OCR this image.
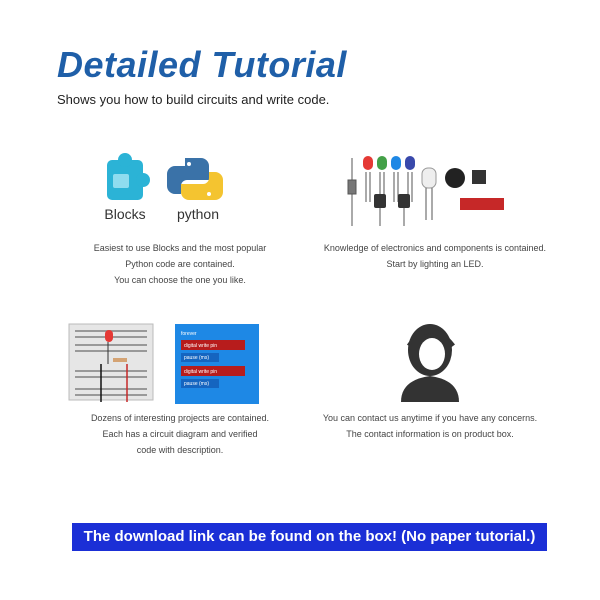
Detailed Tutorial
Shows you how to build circuits and write code.
Blocks python
Easiest to use Blocks and the most popular
Python code are contained.
You can choose the one you like.
Knowledge of electronics and components is contained.
Start by lighting an LED.
forever
digital write pin
pause (ms)
digital write pin
pause (ms)
Dozens of interesting projects are contained.
Each has a circuit diagram and verified
code with description.
You can contact us anytime if you have any concerns.
The contact information is on product box.
The download link can be found on the box! (No paper tutorial.)
